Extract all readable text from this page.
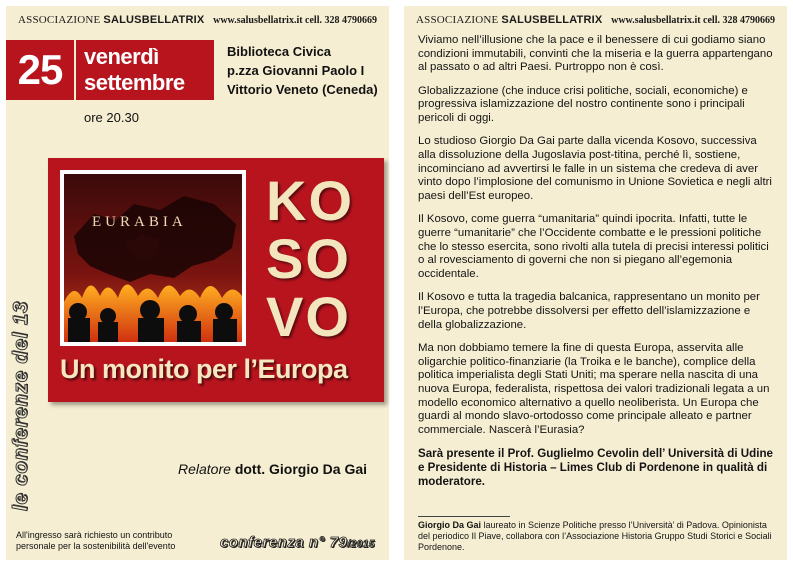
ASSOCIAZIONE SALUSBELLATRIX www.salusbellatrix.it cell. 328 4790669
25 venerdì
settembre
ore 20.30
Biblioteca Civica
p.zza Giovanni Paolo I
Vittorio Veneto (Ceneda)
le conferenze del 13
EURABIA KO
SO
VO
Un monito per l’Europa
Relatore dott. Giorgio Da Gai
All'ingresso sarà richiesto un contributo personale per la sostenibilità dell'evento	conferenza n° 79/2015
ASSOCIAZIONE SALUSBELLATRIX www.salusbellatrix.it cell. 328 4790669

Viviamo nell’illusione che la pace e il benessere di cui godiamo siano condizioni immutabili, convinti che la miseria e la guerra appartengano al passato o ad altri Paesi. Purtroppo non è così.

Globalizzazione (che induce crisi politiche, sociali, economiche) e progressiva islamizzazione del nostro continente sono i principali pericoli di oggi.

Lo studioso Giorgio Da Gai parte dalla vicenda Kosovo, successiva alla dissoluzione della Jugoslavia post-titina, perché lì, sostiene, incominciano ad avvertirsi le falle in un sistema che credeva di aver vinto dopo l’implosione del comunismo in Unione Sovietica e negli altri paesi dell’Est europeo.

Il Kosovo, come guerra “umanitaria” quindi ipocrita. Infatti, tutte le guerre “umanitarie” che l’Occidente combatte e le pressioni politiche che lo stesso esercita, sono rivolti alla tutela di precisi interessi politici o al rovesciamento di governi che non si piegano all’egemonia occidentale.

Il Kosovo e tutta la tragedia balcanica, rappresentano un monito per l’Europa, che potrebbe dissolversi per effetto dell’islamizzazione e della globalizzazione.

Ma non dobbiamo temere la fine di questa Europa, asservita alle oligarchie politico-finanziarie (la Troika e le banche), complice della politica imperialista degli Stati Uniti; ma sperare nella nascita di una nuova Europa, federalista, rispettosa dei valori tradizionali legata a un modello economico alternativo a quello neoliberista. Un Europa che guardi al mondo slavo-ortodosso come principale alleato e partner commerciale. Nascerà l’Eurasia?

Sarà presente il Prof. Guglielmo Cevolin dell’ Università di Udine e Presidente di Historia – Limes Club di Pordenone in qualità di moderatore.

Giorgio Da Gai laureato in Scienze Politiche presso l’Università’ di Padova. Opinionista del periodico Il Piave, collabora con l’Associazione Historia Gruppo Studi Storici e Sociali Pordenone.
